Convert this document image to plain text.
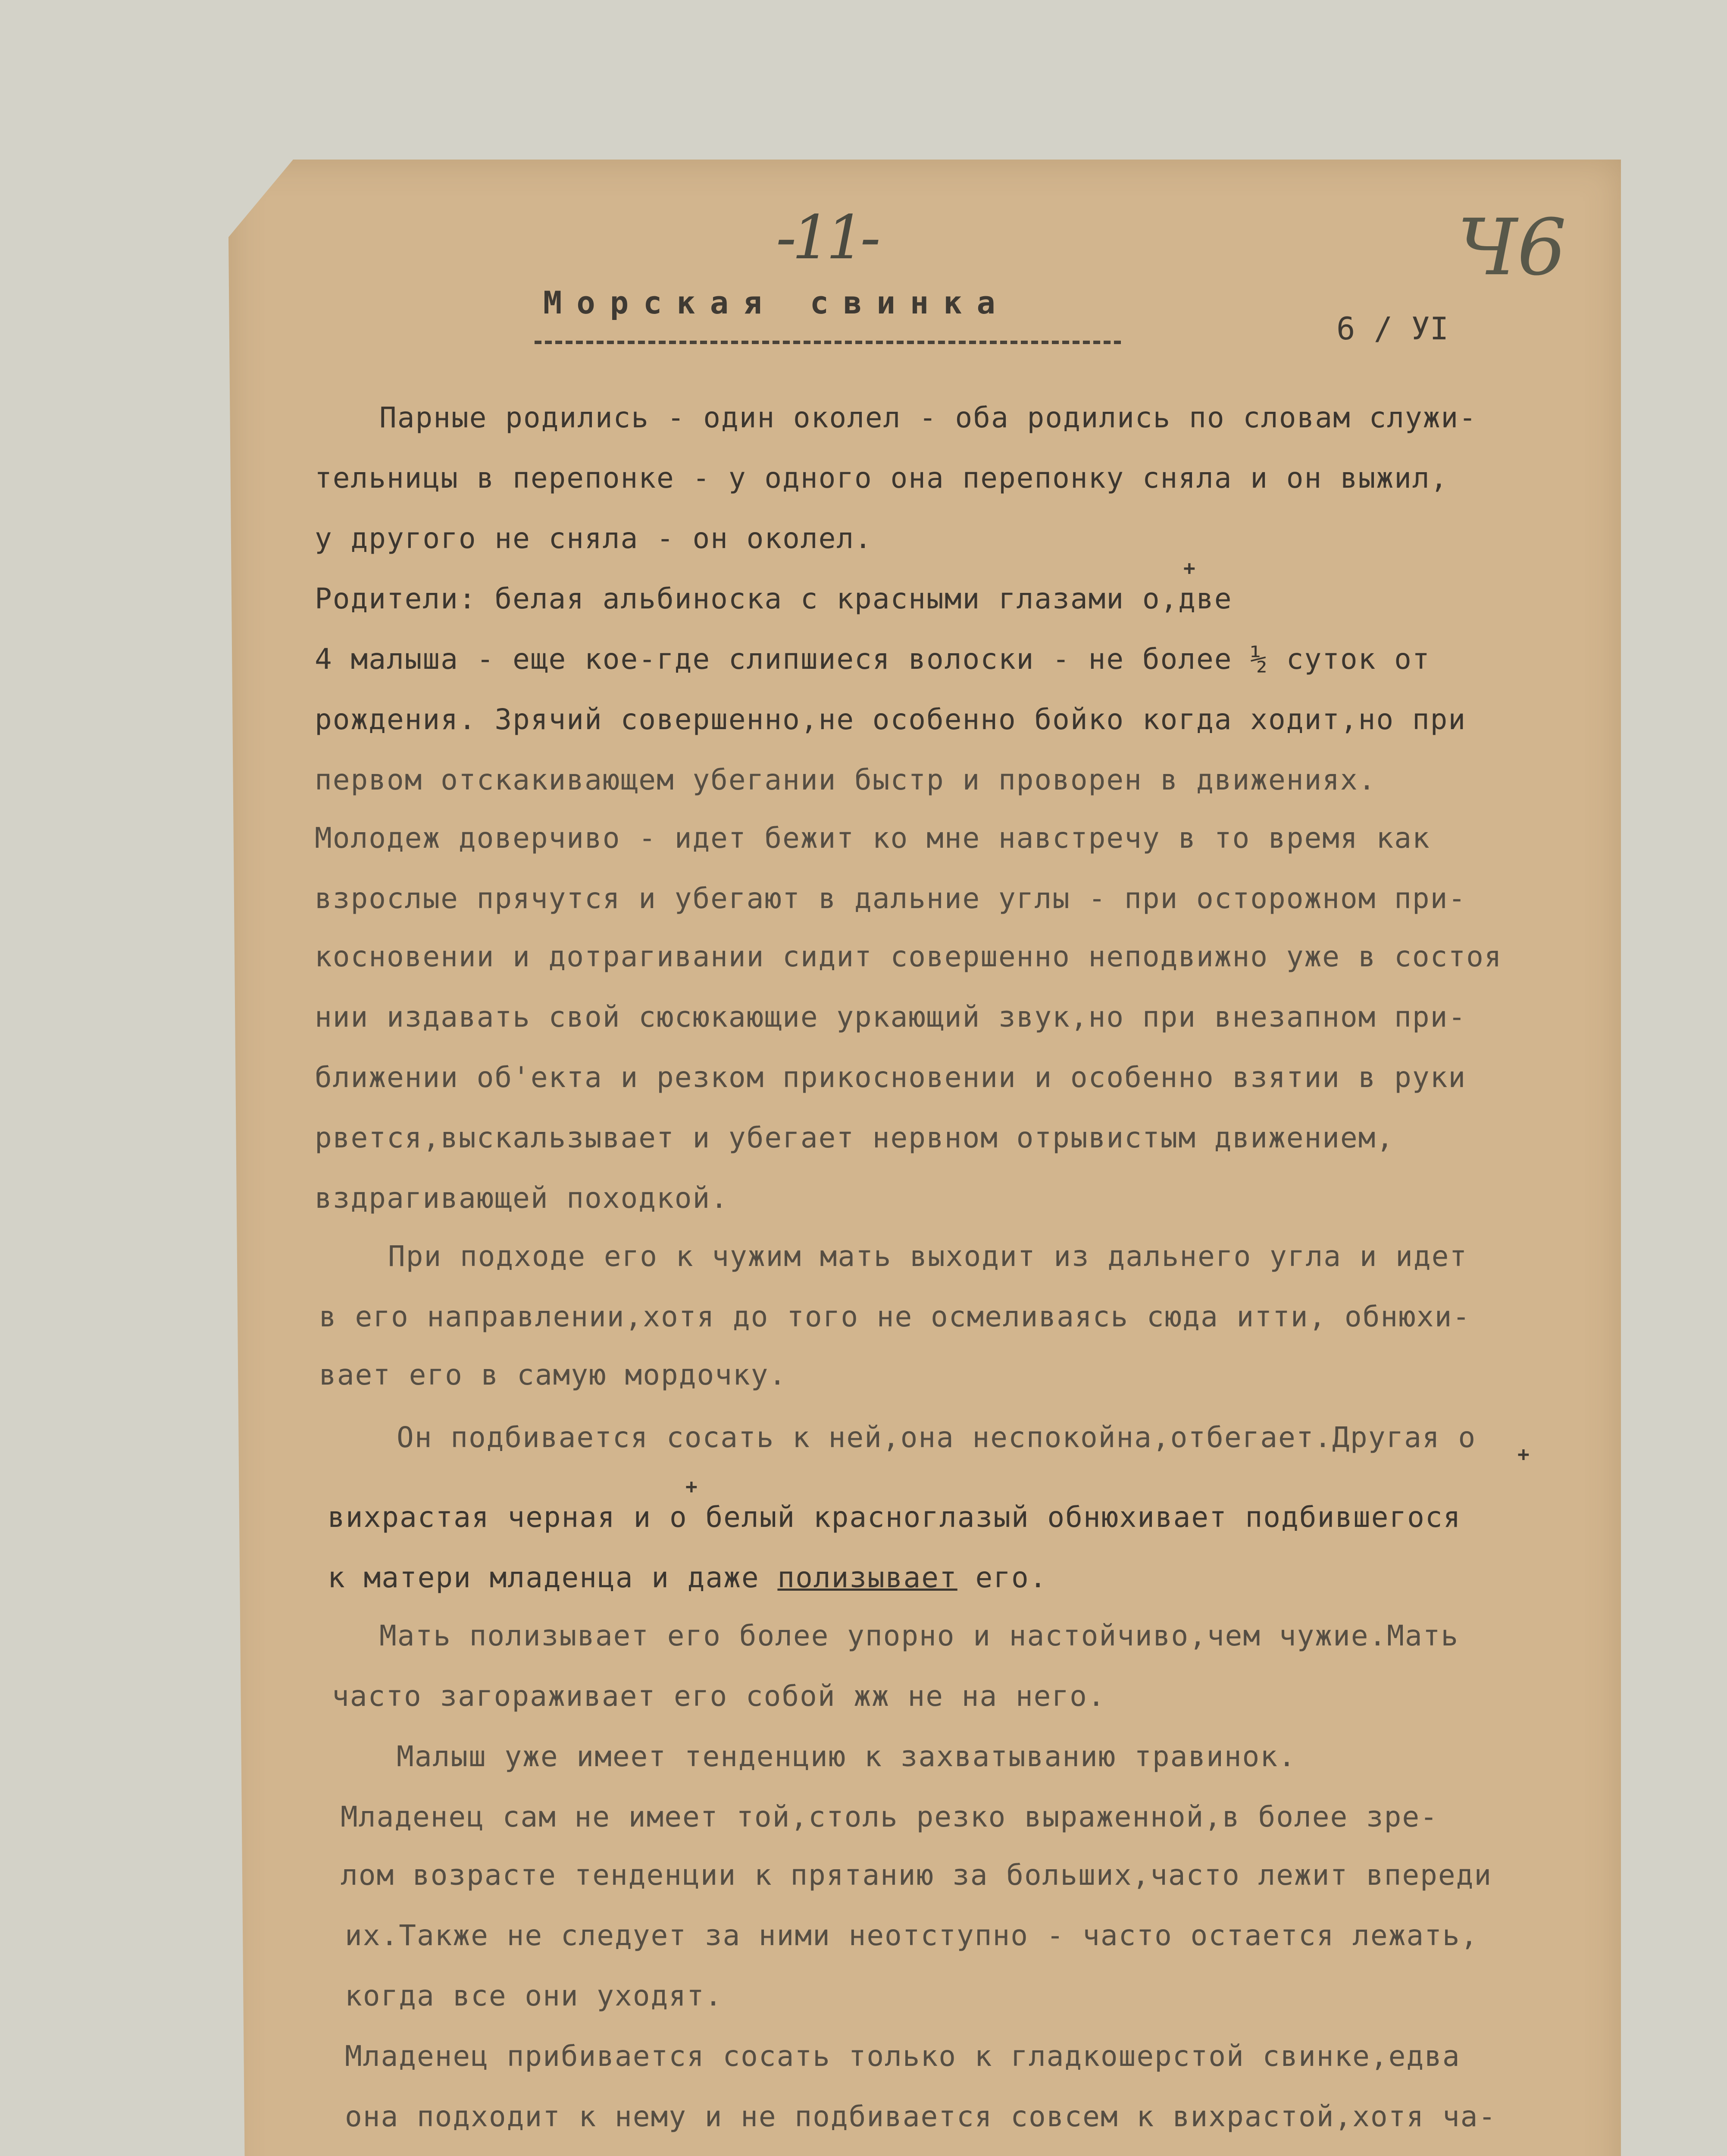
-11-	Ч6
Морская свинка
6 / УI

Парные родились - один околел - оба родились по словам служи-

тельницы в перепонке - у одного она перепонку сняла и он выжил,

у другого не сняла - он околел.

Родители: белая альбиноска с красными глазами о,две

+

4 малыша - еще кое-где слипшиеся волоски - не более ½ суток от

рождения. Зрячий совершенно,не особенно бойко когда ходит,но при

первом отскакивающем убегании быстр и проворен в движениях.

Молодеж доверчиво - идет бежит ко мне навстречу в то время как

взрослые прячутся и убегают в дальние углы - при осторожном при-

косновении и дотрагивании сидит совершенно неподвижно уже в состоя

нии издавать свой сюсюкающие уркающий звук,но при внезапном при-

ближении об'екта и резком прикосновении и особенно взятии в руки

рвется,выскальзывает и убегает нервном отрывистым движением,

вздрагивающей походкой.

При подходе его к чужим мать выходит из дальнего угла и идет

в его направлении,хотя до того не осмеливаясь сюда итти, обнюхи-

вает его в самую мордочку.

Он подбивается сосать к ней,она неспокойна,отбегает.Другая о +
+

вихрастая черная и о белый красноглазый обнюхивает подбившегося

к матери младенца и даже полизывает его.

Мать полизывает его более упорно и настойчиво,чем чужие.Мать

часто загораживает его собой жж не на него.

Малыш уже имеет тенденцию к захватыванию травинок.

Младенец сам не имеет той,столь резко выраженной,в более зре-

лом возрасте тенденции к прятанию за больших,часто лежит впереди

их.Также не следует за ними неотступно - часто остается лежать,

когда все они уходят.

Младенец прибивается сосать только к гладкошерстой свинке,едва

она подходит к нему и не подбивается совсем к вихрастой,хотя ча-
